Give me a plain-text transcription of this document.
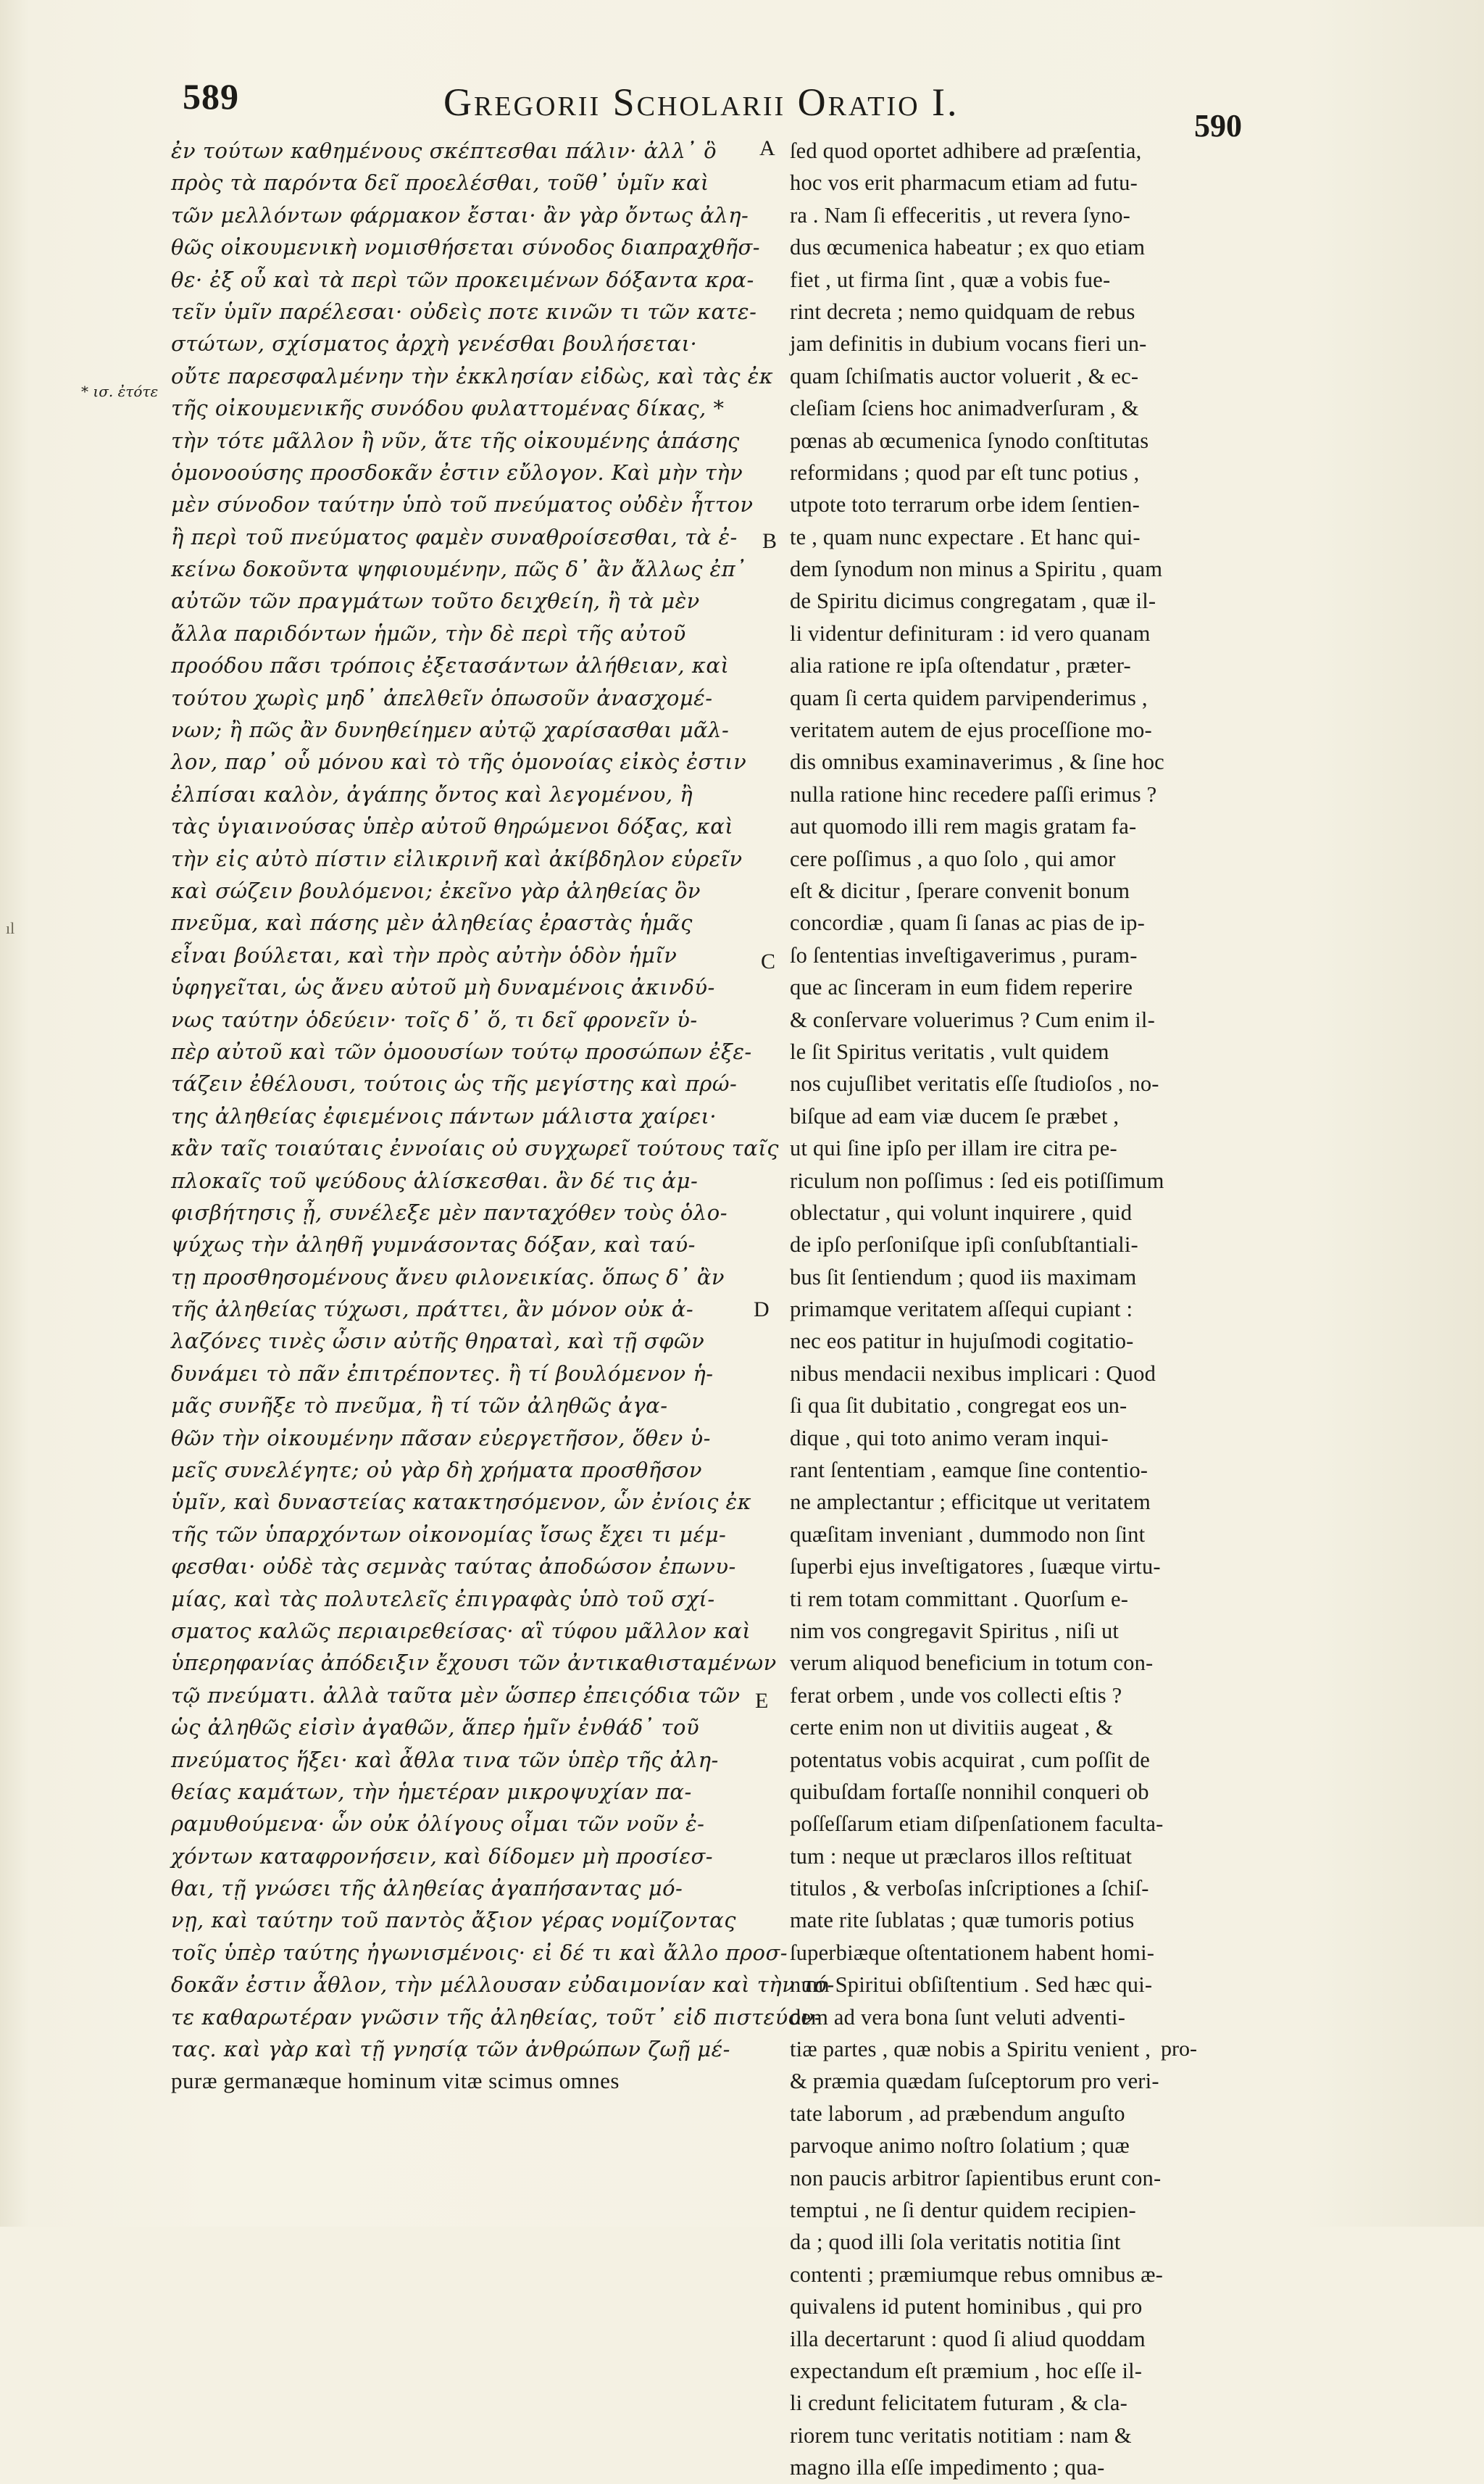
589	Gregorii Scholarii Oratio I.
590
ıl
* ισ. ἐτότε
A
B
C
D
E
ἐν τούτων καθημένους σκέπτεσθαι πάλιν· ἀλλ᾽ ὃ
πρὸς τὰ παρόντα δεῖ προελέσθαι, τοῦθ᾽ ὑμῖν καὶ
τῶν μελλόντων φάρμακον ἔσται· ἂν γὰρ ὄντως ἀλη-
θῶς οἰκουμενικὴ νομισθήσεται σύνοδος διαπραχθῆσ-
θε· ἐξ οὗ καὶ τὰ περὶ τῶν προκειμένων δόξαντα κρα-
τεῖν ὑμῖν παρέλεσαι· οὐδεὶς ποτε κινῶν τι τῶν κατε-
στώτων, σχίσματος ἀρχὴ γενέσθαι βουλήσεται·
οὔτε παρεσφαλμένην τὴν ἐκκλησίαν εἰδὼς, καὶ τὰς ἐκ
τῆς οἰκουμενικῆς συνόδου φυλαττομένας δίκας, *
τὴν τότε μᾶλλον ἢ νῦν, ἅτε τῆς οἰκουμένης ἁπάσης
ὁμονοούσης προσδοκᾶν ἐστιν εὔλογον. Καὶ μὴν τὴν
μὲν σύνοδον ταύτην ὑπὸ τοῦ πνεύματος οὐδὲν ἧττον
ἢ περὶ τοῦ πνεύματος φαμὲν συναθροίσεσθαι, τὰ ἐ-
κείνω δοκοῦντα ψηφιουμένην, πῶς δ᾽ ἂν ἄλλως ἐπ᾽
αὐτῶν τῶν πραγμάτων τοῦτο δειχθείη, ἢ τὰ μὲν
ἄλλα παριδόντων ἡμῶν, τὴν δὲ περὶ τῆς αὐτοῦ
προόδου πᾶσι τρόποις ἐξετασάντων ἀλήθειαν, καὶ
τούτου χωρὶς μηδ᾽ ἀπελθεῖν ὁπωσοῦν ἀνασχομέ-
νων; ἢ πῶς ἂν δυνηθείημεν αὐτῷ χαρίσασθαι μᾶλ-
λον, παρ᾽ οὗ μόνου καὶ τὸ τῆς ὁμονοίας εἰκὸς ἐστιν
ἐλπίσαι καλὸν, ἀγάπης ὄντος καὶ λεγομένου, ἢ
τὰς ὑγιαινούσας ὑπὲρ αὐτοῦ θηρώμενοι δόξας, καὶ
τὴν εἰς αὐτὸ πίστιν εἰλικρινῆ καὶ ἀκίβδηλον εὑρεῖν
καὶ σώζειν βουλόμενοι; ἐκεῖνο γὰρ ἀληθείας ὂν
πνεῦμα, καὶ πάσης μὲν ἀληθείας ἐραστὰς ἡμᾶς
εἶναι βούλεται, καὶ τὴν πρὸς αὐτὴν ὁδὸν ἡμῖν
ὑφηγεῖται, ὡς ἄνευ αὐτοῦ μὴ δυναμένοις ἀκινδύ-
νως ταύτην ὁδεύειν· τοῖς δ᾽ ὅ, τι δεῖ φρονεῖν ὑ-
πὲρ αὐτοῦ καὶ τῶν ὁμοουσίων τούτῳ προσώπων ἐξε-
τάζειν ἐθέλουσι, τούτοις ὡς τῆς μεγίστης καὶ πρώ-
της ἀληθείας ἐφιεμένοις πάντων μάλιστα χαίρει·
κἂν ταῖς τοιαύταις ἐννοίαις οὐ συγχωρεῖ τούτους ταῖς
πλοκαῖς τοῦ ψεύδους ἁλίσκεσθαι. ἂν δέ τις ἀμ-
φισβήτησις ᾖ, συνέλεξε μὲν πανταχόθεν τοὺς ὁλο-
ψύχως τὴν ἀληθῆ γυμνάσοντας δόξαν, καὶ ταύ-
τῃ προσθησομένους ἄνευ φιλονεικίας. ὅπως δ᾽ ἂν
τῆς ἀληθείας τύχωσι, πράττει, ἂν μόνον οὐκ ἀ-
λαζόνες τινὲς ὦσιν αὐτῆς θηραταὶ, καὶ τῇ σφῶν
δυνάμει τὸ πᾶν ἐπιτρέποντες. ἢ τί βουλόμενον ἡ-
μᾶς συνῆξε τὸ πνεῦμα, ἢ τί τῶν ἀληθῶς ἀγα-
θῶν τὴν οἰκουμένην πᾶσαν εὐεργετῆσον, ὅθεν ὑ-
μεῖς συνελέγητε; οὐ γὰρ δὴ χρήματα προσθῆσον
ὑμῖν, καὶ δυναστείας κατακτησόμενον, ὧν ἐνίοις ἐκ
τῆς τῶν ὑπαρχόντων οἰκονομίας ἴσως ἔχει τι μέμ-
φεσθαι· οὐδὲ τὰς σεμνὰς ταύτας ἀποδώσον ἐπωνυ-
μίας, καὶ τὰς πολυτελεῖς ἐπιγραφὰς ὑπὸ τοῦ σχί-
σματος καλῶς περιαιρεθείσας· αἳ τύφου μᾶλλον καὶ
ὑπερηφανίας ἀπόδειξιν ἔχουσι τῶν ἀντικαθισταμένων
τῷ πνεύματι. ἀλλὰ ταῦτα μὲν ὥσπερ ἐπειςόδια τῶν
ὡς ἀληθῶς εἰσὶν ἀγαθῶν, ἅπερ ἡμῖν ἐνθάδ᾽ τοῦ
πνεύματος ἥξει· καὶ ἆθλα τινα τῶν ὑπὲρ τῆς ἀλη-
θείας καμάτων, τὴν ἡμετέραν μικροψυχίαν πα-
ραμυθούμενα· ὧν οὐκ ὀλίγους οἶμαι τῶν νοῦν ἐ-
χόντων καταφρονήσειν, καὶ δίδομεν μὴ προσίεσ-
θαι, τῇ γνώσει τῆς ἀληθείας ἀγαπήσαντας μό-
νῃ, καὶ ταύτην τοῦ παντὸς ἄξιον γέρας νομίζοντας
τοῖς ὑπὲρ ταύτης ἠγωνισμένοις· εἰ δέ τι καὶ ἄλλο προσ-
δοκᾶν ἐστιν ἆθλον, τὴν μέλλουσαν εὐδαιμονίαν καὶ τὴν τό-
τε καθαρωτέραν γνῶσιν τῆς ἀληθείας, τοῦτ᾽ εἰδ πιστεύον-
τας. καὶ γὰρ καὶ τῇ γνησίᾳ τῶν ἀνθρώπων ζωῇ μέ-
puræ germanæque hominum vitæ scimus omnes
ſed quod oportet adhibere ad præſentia,
hoc vos erit pharmacum etiam ad futu-
ra . Nam ſi effeceritis , ut revera ſyno-
dus œcumenica habeatur ; ex quo etiam
fiet , ut firma ſint , quæ a vobis fue-
rint decreta ; nemo quidquam de rebus
jam definitis in dubium vocans fieri un-
quam ſchiſmatis auctor voluerit , & ec-
cleſiam ſciens hoc animadverſuram , &
pœnas ab œcumenica ſynodo conſtitutas
reformidans ; quod par eſt tunc potius ,
utpote toto terrarum orbe idem ſentien-
te , quam nunc expectare . Et hanc qui-
dem ſynodum non minus a Spiritu , quam
de Spiritu dicimus congregatam , quæ il-
li videntur definituram : id vero quanam
alia ratione re ipſa oſtendatur , præter-
quam ſi certa quidem parvipenderimus ,
veritatem autem de ejus proceſſione mo-
dis omnibus examinaverimus , & ſine hoc
nulla ratione hinc recedere paſſi erimus ?
aut quomodo illi rem magis gratam fa-
cere poſſimus , a quo ſolo , qui amor
eſt & dicitur , ſperare convenit bonum
concordiæ , quam ſi ſanas ac pias de ip-
ſo ſententias inveſtigaverimus , puram-
que ac ſinceram in eum fidem reperire
& conſervare voluerimus ? Cum enim il-
le ſit Spiritus veritatis , vult quidem
nos cujuſlibet veritatis eſſe ſtudioſos , no-
biſque ad eam viæ ducem ſe præbet ,
ut qui ſine ipſo per illam ire citra pe-
riculum non poſſimus : ſed eis potiſſimum
oblectatur , qui volunt inquirere , quid
de ipſo perſoniſque ipſi conſubſtantiali-
bus ſit ſentiendum ; quod iis maximam
primamque veritatem aſſequi cupiant :
nec eos patitur in hujuſmodi cogitatio-
nibus mendacii nexibus implicari : Quod
ſi qua ſit dubitatio , congregat eos un-
dique , qui toto animo veram inqui-
rant ſententiam , eamque ſine contentio-
ne amplectantur ; efficitque ut veritatem
quæſitam inveniant , dummodo non ſint
ſuperbi ejus inveſtigatores , ſuæque virtu-
ti rem totam committant . Quorſum e-
nim vos congregavit Spiritus , niſi ut
verum aliquod beneficium in totum con-
ferat orbem , unde vos collecti eſtis ?
certe enim non ut divitiis augeat , &
potentatus vobis acquirat , cum poſſit de
quibuſdam fortaſſe nonnihil conqueri ob
poſſeſſarum etiam diſpenſationem faculta-
tum : neque ut præclaros illos reſtituat
titulos , & verboſas inſcriptiones a ſchiſ-
mate rite ſublatas ; quæ tumoris potius
ſuperbiæque oſtentationem habent homi-
num Spiritui obſiſtentium . Sed hæc qui-
dem ad vera bona ſunt veluti adventi-
tiæ partes , quæ nobis a Spiritu venient ,
& præmia quædam ſuſceptorum pro veri-
tate laborum , ad præbendum anguſto
parvoque animo noſtro ſolatium ; quæ
non paucis arbitror ſapientibus erunt con-
temptui , ne ſi dentur quidem recipien-
da ; quod illi ſola veritatis notitia ſint
contenti ; præmiumque rebus omnibus æ-
quivalens id putent hominibus , qui pro
illa decertarunt : quod ſi aliud quoddam
expectandum eſt præmium , hoc eſſe il-
li credunt felicitatem futuram , & cla-
riorem tunc veritatis notitiam : nam &
magno illa eſſe impedimento ; qua-
pro-
